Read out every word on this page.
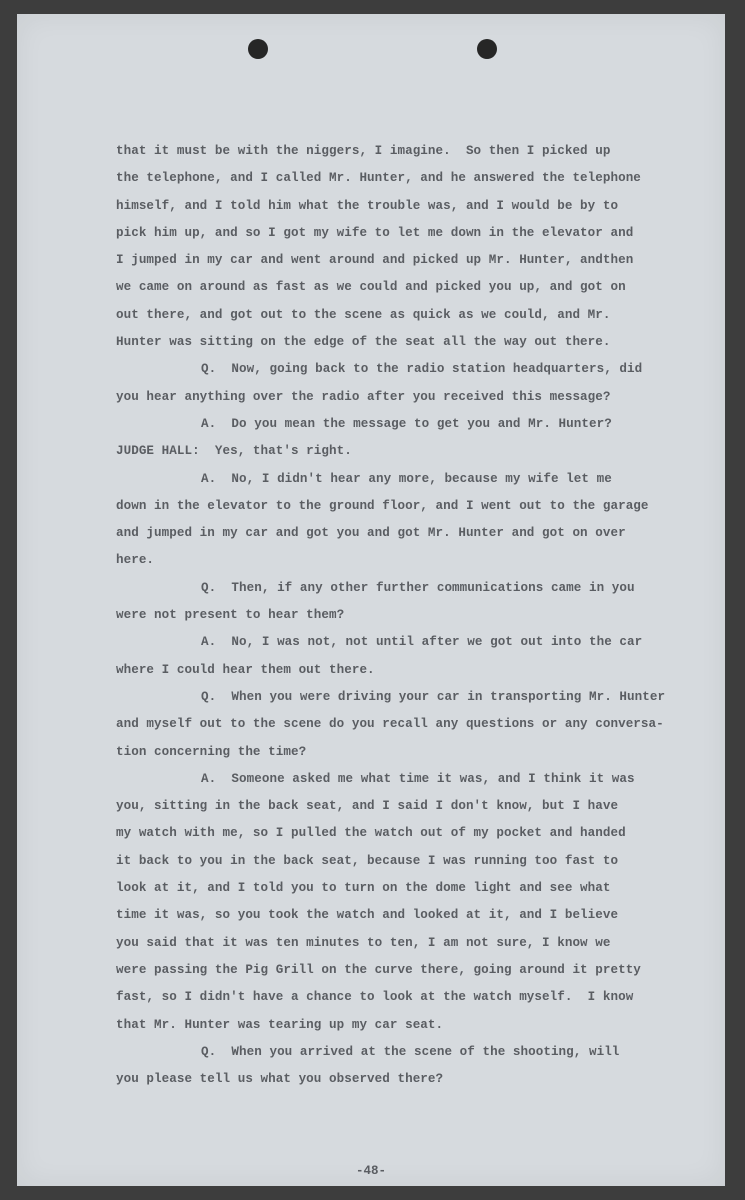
that it must be with the niggers, I imagine.  So then I picked up
the telephone, and I called Mr. Hunter, and he answered the telephone
himself, and I told him what the trouble was, and I would be by to
pick him up, and so I got my wife to let me down in the elevator and
I jumped in my car and went around and picked up Mr. Hunter, andthen
we came on around as fast as we could and picked you up, and got on
out there, and got out to the scene as quick as we could, and Mr.
Hunter was sitting on the edge of the seat all the way out there.
Q.  Now, going back to the radio station headquarters, did
you hear anything over the radio after you received this message?
A.  Do you mean the message to get you and Mr. Hunter?
JUDGE HALL:  Yes, that's right.
A.  No, I didn't hear any more, because my wife let me
down in the elevator to the ground floor, and I went out to the garage
and jumped in my car and got you and got Mr. Hunter and got on over
here.
Q.  Then, if any other further communications came in you
were not present to hear them?
A.  No, I was not, not until after we got out into the car
where I could hear them out there.
Q.  When you were driving your car in transporting Mr. Hunter
and myself out to the scene do you recall any questions or any conversa-
tion concerning the time?
A.  Someone asked me what time it was, and I think it was
you, sitting in the back seat, and I said I don't know, but I have
my watch with me, so I pulled the watch out of my pocket and handed
it back to you in the back seat, because I was running too fast to
look at it, and I told you to turn on the dome light and see what
time it was, so you took the watch and looked at it, and I believe
you said that it was ten minutes to ten, I am not sure, I know we
were passing the Pig Grill on the curve there, going around it pretty
fast, so I didn't have a chance to look at the watch myself.  I know
that Mr. Hunter was tearing up my car seat.
Q.  When you arrived at the scene of the shooting, will
you please tell us what you observed there?
-48-
